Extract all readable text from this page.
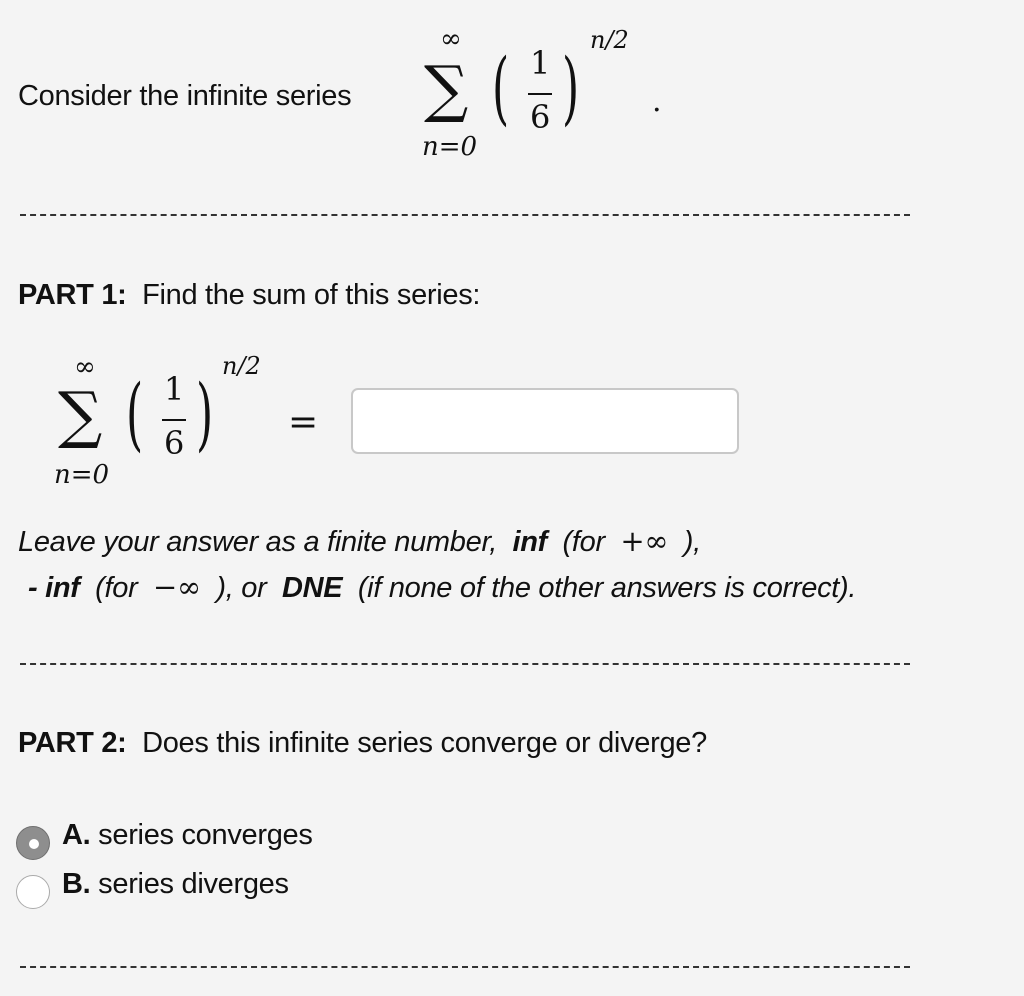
Consider the infinite series
∞
∑
n=0
( 1
6 )
n/2
.
PART 1: Find the sum of this series:
∞
∑
n=0
( 1
6 )
n/2
=
Leave your answer as a finite number, inf (for +∞ ),
- inf (for −∞ ), or DNE (if none of the other answers is correct).
PART 2: Does this infinite series converge or diverge?
A. series converges
B. series diverges
